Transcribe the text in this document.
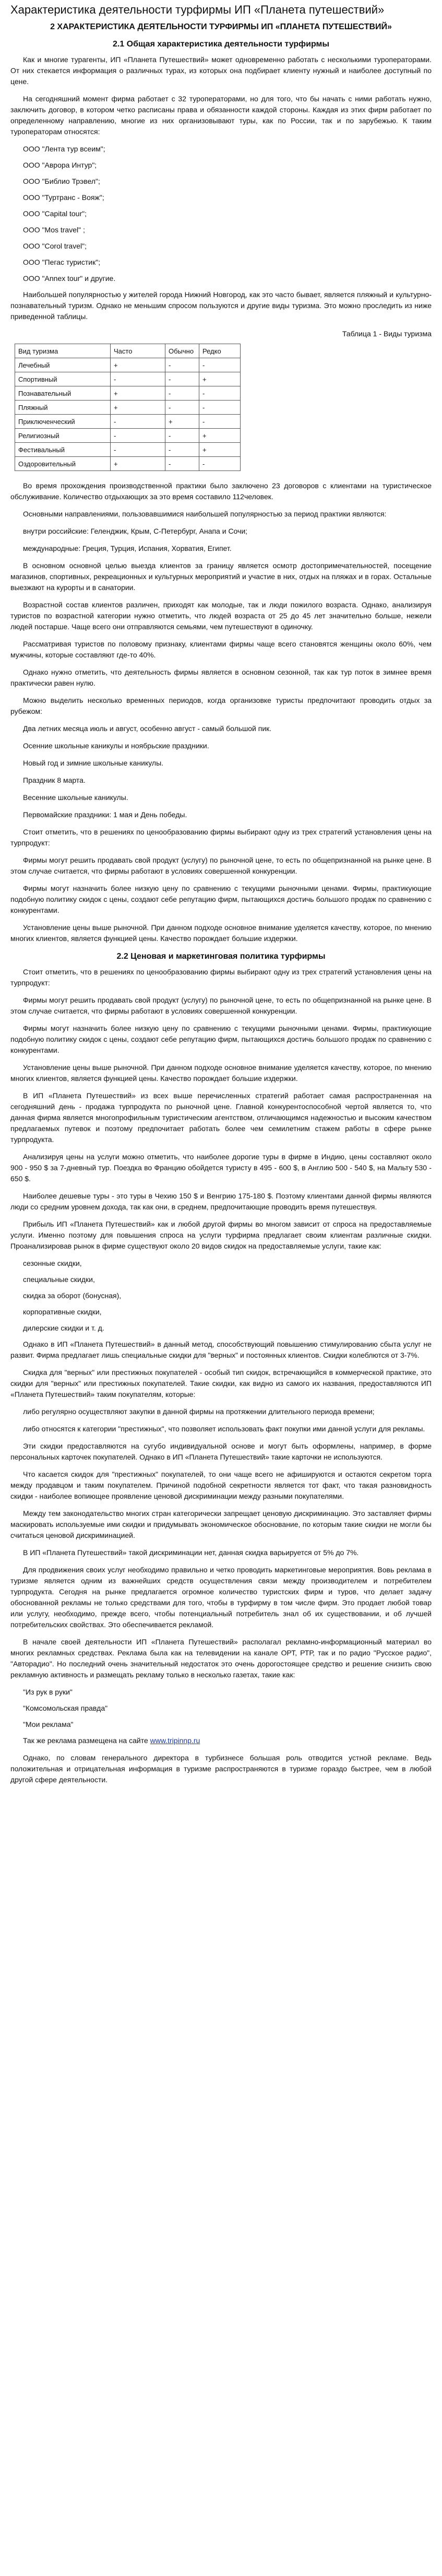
Характеристика деятельности турфирмы ИП «Планета путешествий»
2 ХАРАКТЕРИСТИКА ДЕЯТЕЛЬНОСТИ ТУРФИРМЫ ИП «ПЛАНЕТА ПУТЕШЕСТВИЙ»
2.1 Общая характеристика деятельности турфирмы

Как и многие турагенты, ИП «Планета Путешествий» может одновременно работать с несколькими туроператорами. От них стекается информация о различных турах, из которых она подбирает клиенту нужный и наиболее доступный по цене.

На сегодняшний момент фирма работает с 32 туроператорами, но для того, что бы начать с ними работать нужно, заключить договор, в котором четко расписаны права и обязанности каждой стороны. Каждая из этих фирм работает по определенному направлению, многие из них организовывают туры, как по России, так и по зарубежью. К таким туроператорам относятся:

ООО "Лента тур всеим";
ООО "Аврора Интур";
ООО "Библио Трэвел";
ООО "Туртранс - Вояж";
ООО "Capital tour";
ООО "Mos travel" ;
ООО "Corol travel";
ООО "Пегас туристик";
ООО "Annex tour" и другие.

Наибольшей популярностью у жителей города Нижний Новгород, как это часто бывает, является пляжный и культурно-познавательный туризм. Однако не меньшим спросом пользуются и другие виды туризма. Это можно проследить из ниже приведенной таблицы.

Таблица 1 - Виды туризма

Вид туризма	Часто	Обычно	Редко
Лечебный	+	-	-
Спортивный	-	-	+
Познавательный	+	-	-
Пляжный	+	-	-
Приключенческий	-	+	-
Религиозный	-	-	+
Фестивальный	-	-	+
Оздоровительный	+	-	-

Во время прохождения производственной практики было заключено 23 договоров с клиентами на туристическое обслуживание. Количество отдыхающих за это время составило 112человек.

Основными направлениями, пользовавшимися наибольшей популярностью за период практики являются:

внутри российские: Геленджик, Крым, С-Петербург, Анапа и Сочи;

международные: Греция, Турция, Испания, Хорватия, Египет.

В основном основной целью выезда клиентов за границу является осмотр достопримечательностей, посещение магазинов, спортивных, рекреационных и культурных мероприятий и участие в них, отдых на пляжах и в горах. Остальные выезжают на курорты и в санатории.

Возрастной состав клиентов различен, приходят как молодые, так и люди пожилого возраста. Однако, анализируя туристов по возрастной категории нужно отметить, что людей возраста от 25 до 45 лет значительно больше, нежели людей постарше. Чаще всего они отправляются семьями, чем путешествуют в одиночку.

Рассматривая туристов по половому признаку, клиентами фирмы чаще всего становятся женщины около 60%, чем мужчины, которые составляют где-то 40%.

Однако нужно отметить, что деятельность фирмы является в основном сезонной, так как тур поток в зимнее время практически равен нулю.

Можно выделить несколько временных периодов, когда организовке туристы предпочитают проводить отдых за рубежом:

Два летних месяца июль и август, особенно август - самый большой пик.

Осенние школьные каникулы и ноябрьские праздники.

Новый год и зимние школьные каникулы.

Праздник 8 марта.

Весенние школьные каникулы.

Первомайские праздники: 1 мая и День победы.

Стоит отметить, что в решениях по ценообразованию фирмы выбирают одну из трех стратегий установления цены на турпродукт:

Фирмы могут решить продавать свой продукт (услугу) по рыночной цене, то есть по общепризнанной на рынке цене. В этом случае считается, что фирмы работают в условиях совершенной конкуренции.

Фирмы могут назначить более низкую цену по сравнению с текущими рыночными ценами. Фирмы, практикующие подобную политику скидок с цены, создают себе репутацию фирм, пытающихся достичь большого продаж по сравнению с конкурентами.

Установление цены выше рыночной. При данном подходе основное внимание уделяется качеству, которое, по мнению многих клиентов, является функцией цены. Качество порождает большие издержки.

2.2 Ценовая и маркетинговая политика турфирмы

Стоит отметить, что в решениях по ценообразованию фирмы выбирают одну из трех стратегий установления цены на турпродукт:

Фирмы могут решить продавать свой продукт (услугу) по рыночной цене, то есть по общепризнанной на рынке цене. В этом случае считается, что фирмы работают в условиях совершенной конкуренции.

Фирмы могут назначить более низкую цену по сравнению с текущими рыночными ценами. Фирмы, практикующие подобную политику скидок с цены, создают себе репутацию фирм, пытающихся достичь большого продаж по сравнению с конкурентами.

Установление цены выше рыночной. При данном подходе основное внимание уделяется качеству, которое, по мнению многих клиентов, является функцией цены. Качество порождает большие издержки.

В ИП «Планета Путешествий» из всех выше перечисленных стратегий работает самая распространенная на сегодняшний день - продажа турпродукта по рыночной цене. Главной конкурентоспособной чертой является то, что данная фирма является многопрофильным туристическим агентством, отличающимся надежностью и высоким качеством предлагаемых путевок и поэтому предпочитает работать более чем семилетним стажем работы в сфере рынке турпродукта.

Анализируя цены на услуги можно отметить, что наиболее дорогие туры в фирме в Индию, цены составляют около 900 - 950 $ за 7-дневный тур. Поездка во Францию обойдется туристу в 495 - 600 $, в Англию 500 - 540 $, на Мальту 530 - 650 $.

Наиболее дешевые туры - это туры в Чехию 150 $ и Венгрию 175-180 $. Поэтому клиентами данной фирмы являются люди со средним уровнем дохода, так как они, в среднем, предпочитающие проводить время путешествуя.

Прибыль ИП «Планета Путешествий» как и любой другой фирмы во многом зависит от спроса на предоставляемые услуги. Именно поэтому для повышения спроса на услуги турфирма предлагает своим клиентам различные скидки. Проанализировав рынок в фирме существуют около 20 видов скидок на предоставляемые услуги, такие как:

сезонные скидки,
специальные скидки,
скидка за оборот (бонусная),
корпоративные скидки,
дилерские скидки и т. д.

Однако в ИП «Планета Путешествий» в данный метод, способствующий повышению стимулированию сбыта услуг не развит. Фирма предлагает лишь специальные скидки для "верных" и постоянных клиентов. Скидки колеблются от 3-7%.

Скидка для "верных" или престижных покупателей - особый тип скидок, встречающийся в коммерческой практике, это скидки для "верных" или престижных покупателей. Такие скидки, как видно из самого их названия, предоставляются ИП «Планета Путешествий» таким покупателям, которые:

либо регулярно осуществляют закупки в данной фирмы на протяжении длительного периода времени;

либо относятся к категории "престижных", что позволяет использовать факт покупки ими данной услуги для рекламы.

Эти скидки предоставляются на сугубо индивидуальной основе и могут быть оформлены, например, в форме персональных карточек покупателей. Однако в ИП «Планета Путешествий» такие карточки не используются.

Что касается скидок для "престижных" покупателей, то они чаще всего не афишируются и остаются секретом торга между продавцом и таким покупателем. Причиной подобной секретности является тот факт, что такая разновидность скидки - наиболее вопиющее проявление ценовой дискриминации между разными покупателями.

Между тем законодательство многих стран категорически запрещает ценовую дискриминацию. Это заставляет фирмы маскировать используемые ими скидки и придумывать экономическое обоснование, по которым такие скидки не могли бы считаться ценовой дискриминацией.

В ИП «Планета Путешествий» такой дискриминации нет, данная скидка варьируется от 5% до 7%.

Для продвижения своих услуг необходимо правильно и четко проводить маркетинговые мероприятия. Вовь реклама в туризме является одним из важнейших средств осуществления связи между производителем и потребителем турпродукта. Сегодня на рынке предлагается огромное количество туристских фирм и туров, что делает задачу обоснованной рекламы не только средствами для того, чтобы в турфирму в том числе фирм. Это продает любой товар или услугу, необходимо, прежде всего, чтобы потенциальный потребитель знал об их существовании, и об лучшей потребительских свойствах. Это обеспечивается рекламой.

В начале своей деятельности ИП «Планета Путешествий» располагал рекламно-информационный материал во многих рекламных средствах. Реклама была как на телевидении на канале ОРТ, РТР, так и по радио "Русское радио", "Авторадио". Но последний очень значительный недостаток это очень дорогостоящее средство и решение снизить свою рекламную активность и размещать рекламу только в несколько газетах, такие как:

"Из рук в руки"
"Комсомольская правда"
"Мои реклама"

Так же реклама размещена на сайте www.tripinnp.ru

Однако, по словам генерального директора в турбизнесе большая роль отводится устной рекламе. Ведь положительная и отрицательная информация в туризме распространяются в туризме гораздо быстрее, чем в любой другой сфере деятельности.
